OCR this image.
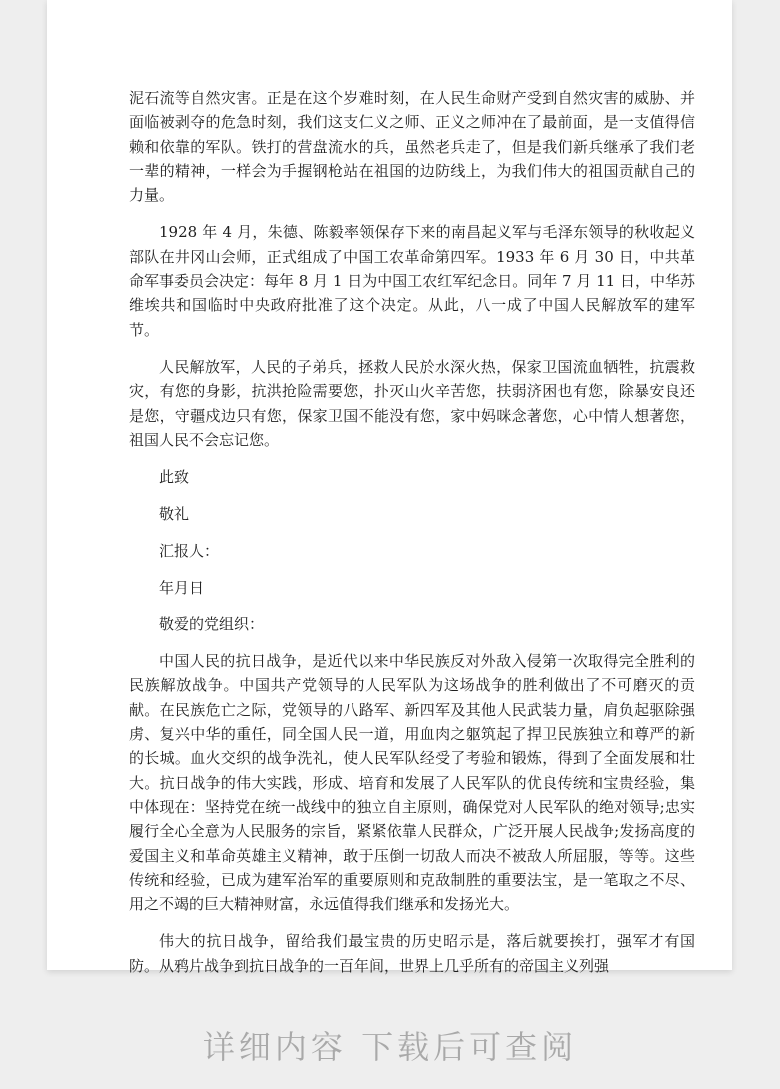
泥石流等自然灾害。正是在这个岁难时刻，在人民生命财产受到自然灾害的威胁、并面临被剥夺的危急时刻，我们这支仁义之师、正义之师冲在了最前面，是一支值得信赖和依靠的军队。铁打的营盘流水的兵，虽然老兵走了，但是我们新兵继承了我们老一辈的精神，一样会为手握钢枪站在祖国的边防线上，为我们伟大的祖国贡献自己的力量。

1928 年 4 月，朱德、陈毅率领保存下来的南昌起义军与毛泽东领导的秋收起义部队在井冈山会师，正式组成了中国工农革命第四军。1933 年 6 月 30 日，中共革命军事委员会决定：每年 8 月 1 日为中国工农红军纪念日。同年 7 月 11 日，中华苏维埃共和国临时中央政府批准了这个决定。从此，八一成了中国人民解放军的建军节。

人民解放军，人民的子弟兵，拯救人民於水深火热，保家卫国流血牺牲，抗震救灾，有您的身影，抗洪抢险需要您，扑灭山火辛苦您，扶弱济困也有您，除暴安良还是您，守疆戍边只有您，保家卫国不能没有您，家中妈咪念著您，心中情人想著您，祖国人民不会忘记您。

此致

敬礼

汇报人：

年月日

敬爱的党组织：

中国人民的抗日战争，是近代以来中华民族反对外敌入侵第一次取得完全胜利的民族解放战争。中国共产党领导的人民军队为这场战争的胜利做出了不可磨灭的贡献。在民族危亡之际，党领导的八路军、新四军及其他人民武装力量，肩负起驱除强虏、复兴中华的重任，同全国人民一道，用血肉之躯筑起了捍卫民族独立和尊严的新的长城。血火交织的战争洗礼，使人民军队经受了考验和锻炼，得到了全面发展和壮大。抗日战争的伟大实践，形成、培育和发展了人民军队的优良传统和宝贵经验，集中体现在：坚持党在统一战线中的独立自主原则，确保党对人民军队的绝对领导;忠实履行全心全意为人民服务的宗旨，紧紧依靠人民群众，广泛开展人民战争;发扬高度的爱国主义和革命英雄主义精神，敢于压倒一切敌人而决不被敌人所屈服，等等。这些传统和经验，已成为建军治军的重要原则和克敌制胜的重要法宝，是一笔取之不尽、用之不竭的巨大精神财富，永远值得我们继承和发扬光大。

伟大的抗日战争，留给我们最宝贵的历史昭示是，落后就要挨打，强军才有国防。从鸦片战争到抗日战争的一百年间，世界上几乎所有的帝国主义列强

详细内容 下载后可查阅
